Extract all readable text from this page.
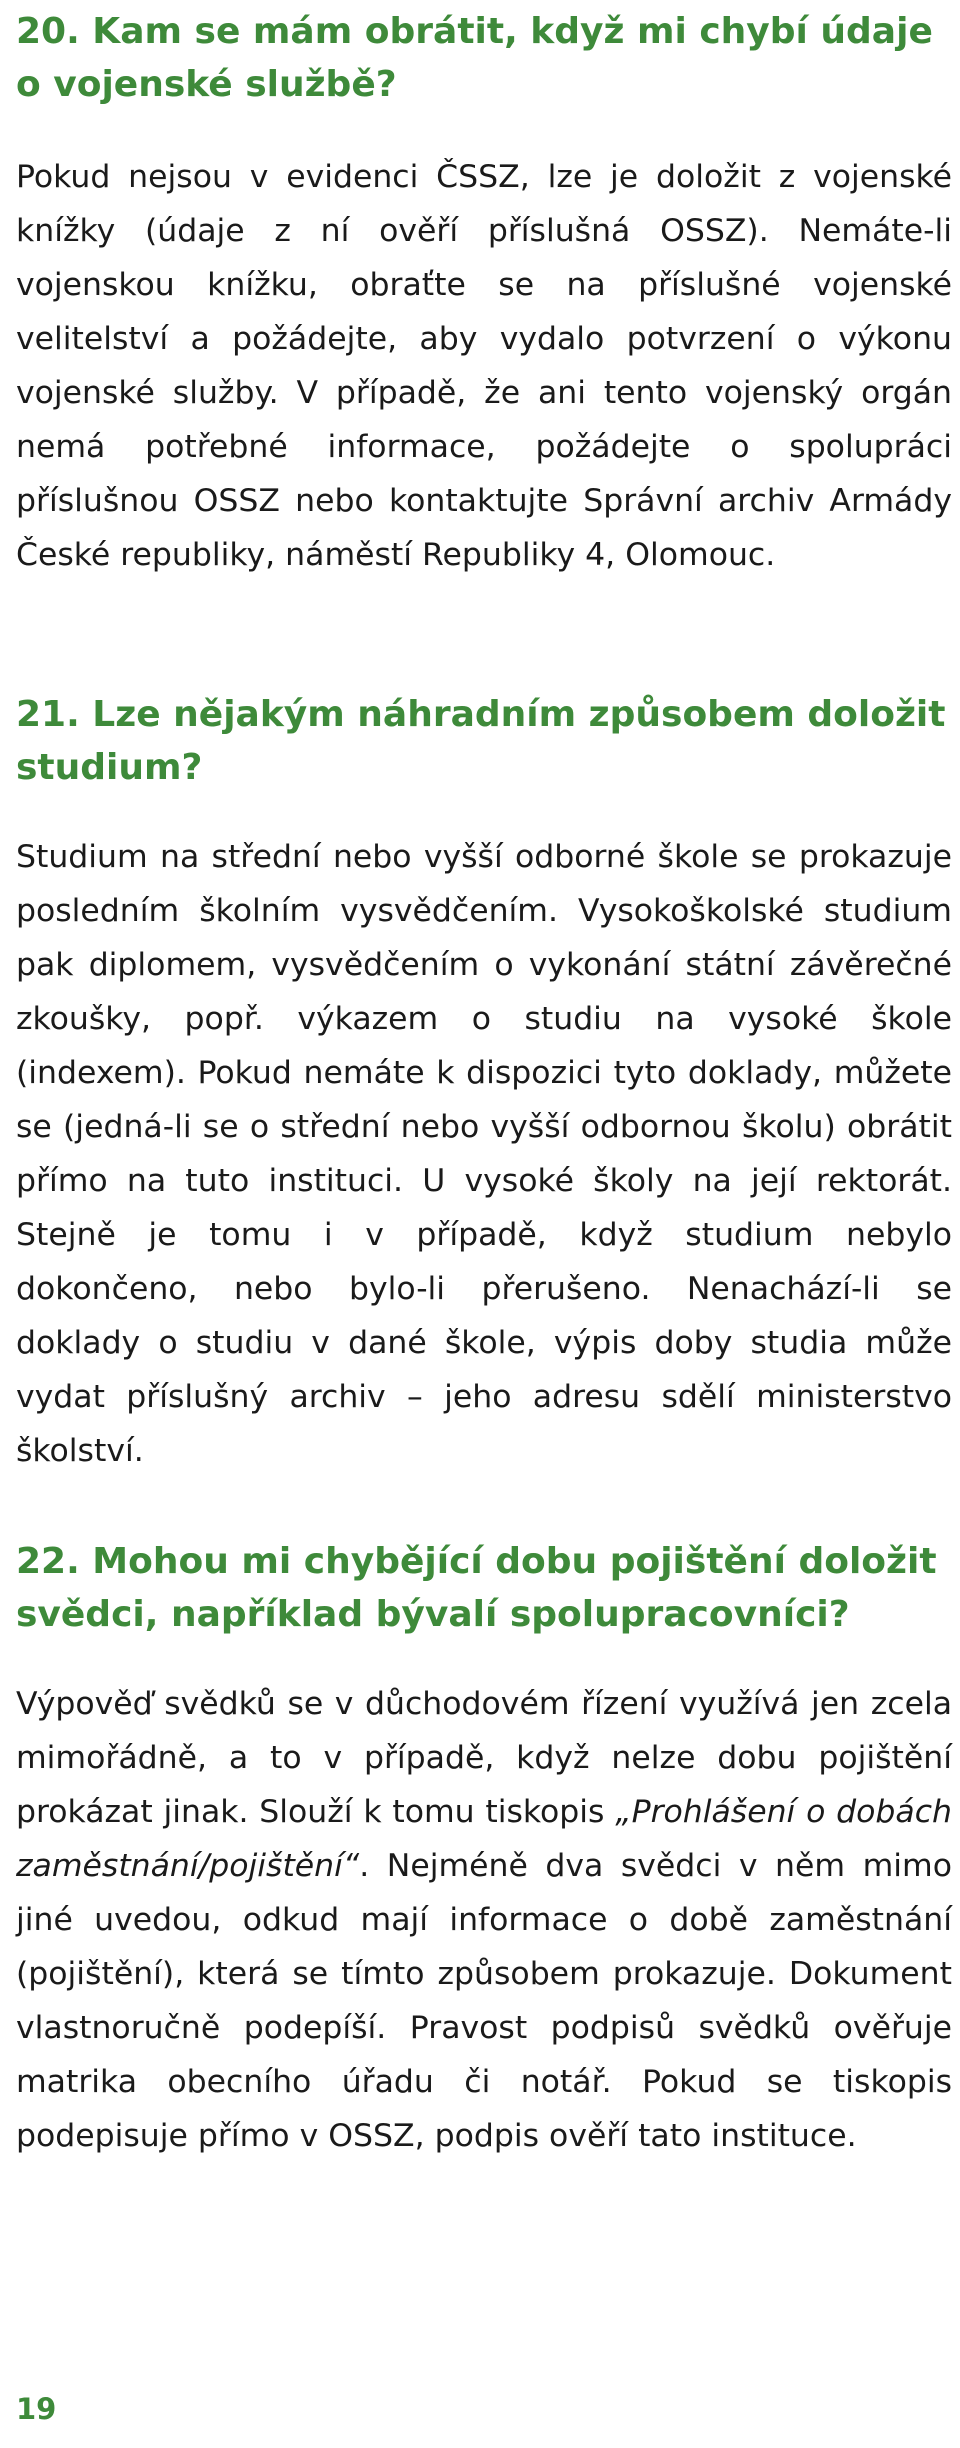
20. Kam se mám obrátit, když mi chybí údaje o vojenské službě?

Pokud nejsou v evidenci ČSSZ, lze je doložit z vojenské knížky (údaje z ní ověří příslušná OSSZ). Nemáte-li vojenskou knížku, obraťte se na příslušné vojenské velitelství a požádejte, aby vydalo potvrzení o výkonu vojenské služby. V případě, že ani tento vojenský orgán nemá potřebné informace, požádejte o spolupráci příslušnou OSSZ nebo kontaktujte Správní archiv Armády České republiky, náměstí Republiky 4, Olomouc.

21. Lze nějakým náhradním způsobem doložit studium?

Studium na střední nebo vyšší odborné škole se prokazuje posledním školním vysvědčením. Vysokoškolské studium pak diplomem, vysvědčením o vykonání státní závěrečné zkoušky, popř. výkazem o studiu na vysoké škole (indexem). Pokud nemáte k dispozici tyto doklady, můžete se (jedná-li se o střední nebo vyšší odbornou školu) obrátit přímo na tuto instituci. U vysoké školy na její rektorát. Stejně je tomu i v případě, když studium nebylo dokončeno, nebo bylo-li přerušeno. Nenachází-li se doklady o studiu v dané škole, výpis doby studia může vydat příslušný archiv – jeho adresu sdělí ministerstvo školství.

22. Mohou mi chybějící dobu pojištění doložit svědci, například bývalí spolupracovníci?

Výpověď svědků se v důchodovém řízení využívá jen zcela mimořádně, a to v případě, když nelze dobu pojištění prokázat jinak. Slouží k tomu tiskopis „Prohlášení o dobách zaměstnání/pojištění“. Nejméně dva svědci v něm mimo jiné uvedou, odkud mají informace o době zaměstnání (pojištění), která se tímto způsobem prokazuje. Dokument vlastnoručně podepíší. Pravost podpisů svědků ověřuje matrika obecního úřadu či notář. Pokud se tiskopis podepisuje přímo v OSSZ, podpis ověří tato instituce.

19
